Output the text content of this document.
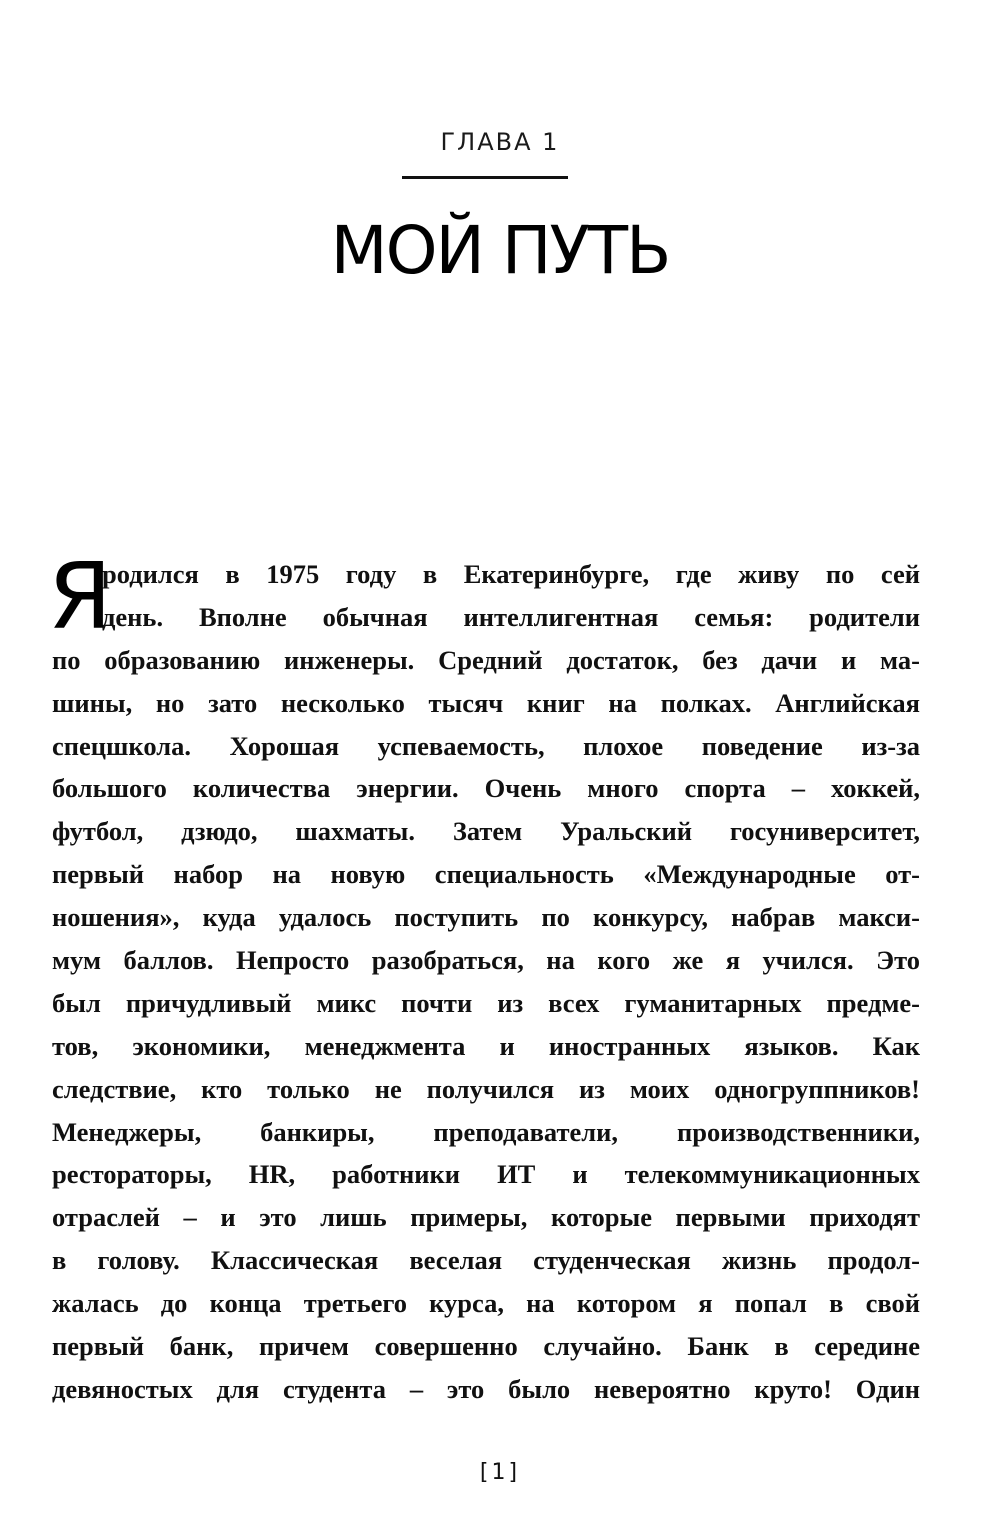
ГЛАВА 1
МОЙ ПУТЬ
Я
родился в 1975 году в Екатеринбурге, где живу по сей
день. Вполне обычная интеллигентная семья: родители
по образованию инженеры. Средний достаток, без дачи и ма-
шины, но зато несколько тысяч книг на полках. Английская
спецшкола. Хорошая успеваемость, плохое поведение из-за
большого количества энергии. Очень много спорта – хоккей,
футбол, дзюдо, шахматы. Затем Уральский госуниверситет,
первый набор на новую специальность «Международные от-
ношения», куда удалось поступить по конкурсу, набрав макси-
мум баллов. Непросто разобраться, на кого же я учился. Это
был причудливый микс почти из всех гуманитарных предме-
тов, экономики, менеджмента и иностранных языков. Как
следствие, кто только не получился из моих одногруппников!
Менеджеры, банкиры, преподаватели, производственники,
рестораторы, HR, работники ИТ и телекоммуникационных
отраслей – и это лишь примеры, которые первыми приходят
в голову. Классическая веселая студенческая жизнь продол-
жалась до конца третьего курса, на котором я попал в свой
первый банк, причем совершенно случайно. Банк в середине
девяностых для студента – это было невероятно круто! Один
[1]
